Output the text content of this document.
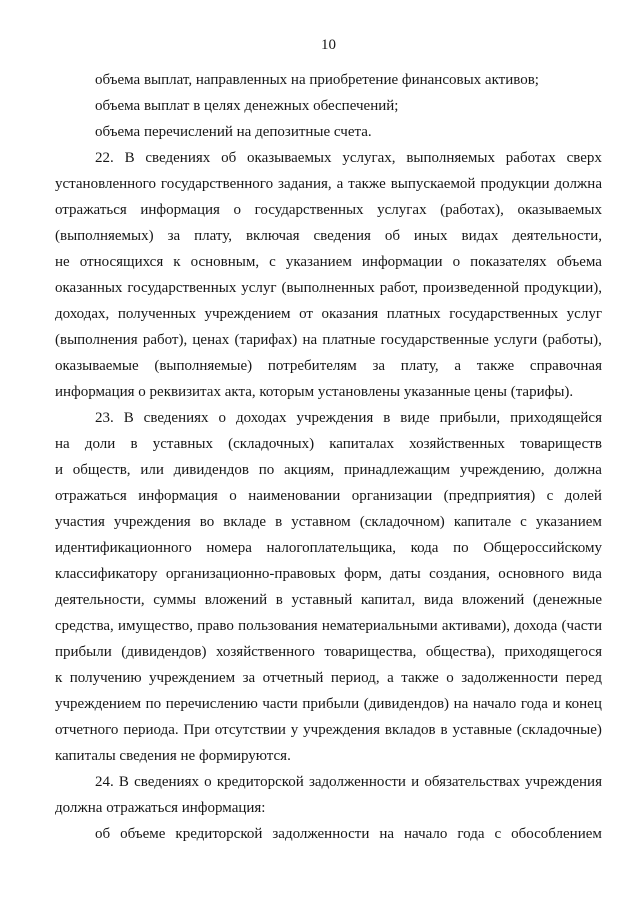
10
объема выплат, направленных на приобретение финансовых активов;
объема выплат в целях денежных обеспечений;
объема перечислений на депозитные счета.
22. В сведениях об оказываемых услугах, выполняемых работах сверх
установленного государственного задания, а также выпускаемой продукции должна
отражаться информация о государственных услугах (работах), оказываемых
(выполняемых) за плату, включая сведения об иных видах деятельности,
не относящихся к основным, с указанием информации о показателях объема
оказанных государственных услуг (выполненных работ, произведенной продукции),
доходах, полученных учреждением от оказания платных государственных услуг
(выполнения работ), ценах (тарифах) на платные государственные услуги (работы),
оказываемые (выполняемые) потребителям за плату, а также справочная
информация о реквизитах акта, которым установлены указанные цены (тарифы).
23. В сведениях о доходах учреждения в виде прибыли, приходящейся
на доли в уставных (складочных) капиталах хозяйственных товариществ
и обществ, или дивидендов по акциям, принадлежащим учреждению, должна
отражаться информация о наименовании организации (предприятия) с долей
участия учреждения во вкладе в уставном (складочном) капитале с указанием
идентификационного номера налогоплательщика, кода по Общероссийскому
классификатору организационно-правовых форм, даты создания, основного вида
деятельности, суммы вложений в уставный капитал, вида вложений (денежные
средства, имущество, право пользования нематериальными активами), дохода (части
прибыли (дивидендов) хозяйственного товарищества, общества), приходящегося
к получению учреждением за отчетный период, а также о задолженности перед
учреждением по перечислению части прибыли (дивидендов) на начало года и конец
отчетного периода. При отсутствии у учреждения вкладов в уставные (складочные)
капиталы сведения не формируются.
24. В сведениях о кредиторской задолженности и обязательствах учреждения
должна отражаться информация:
об объеме кредиторской задолженности на начало года с обособлением
